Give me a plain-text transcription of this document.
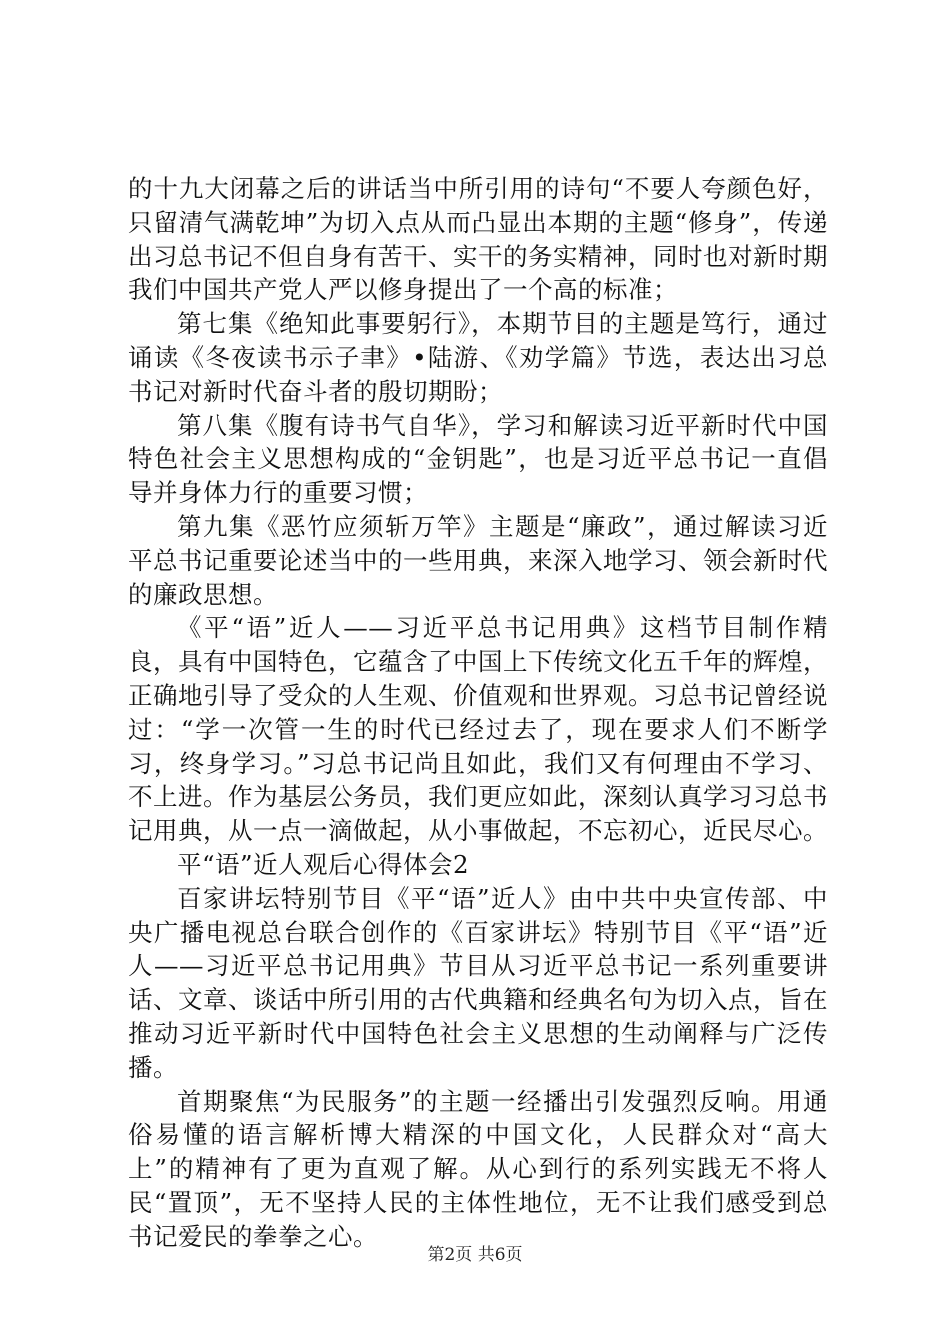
的十九大闭幕之后的讲话当中所引用的诗句“不要人夸颜色好，只留清气满乾坤”为切入点从而凸显出本期的主题“修身”，传递出习总书记不但自身有苦干、实干的务实精神，同时也对新时期我们中国共产党人严以修身提出了一个高的标准；

第七集《绝知此事要躬行》，本期节目的主题是笃行，通过诵读《冬夜读书示子聿》•陆游、《劝学篇》节选，表达出习总书记对新时代奋斗者的殷切期盼；

第八集《腹有诗书气自华》，学习和解读习近平新时代中国特色社会主义思想构成的“金钥匙”，也是习近平总书记一直倡导并身体力行的重要习惯；

第九集《恶竹应须斩万竿》主题是“廉政”，通过解读习近平总书记重要论述当中的一些用典，来深入地学习、领会新时代的廉政思想。

《平“语”近人——习近平总书记用典》这档节目制作精良，具有中国特色，它蕴含了中国上下传统文化五千年的辉煌，正确地引导了受众的人生观、价值观和世界观。习总书记曾经说过：“学一次管一生的时代已经过去了，现在要求人们不断学习，终身学习。”习总书记尚且如此，我们又有何理由不学习、不上进。作为基层公务员，我们更应如此，深刻认真学习习总书记用典，从一点一滴做起，从小事做起，不忘初心，近民尽心。

平“语”近人观后心得体会2

百家讲坛特别节目《平“语”近人》由中共中央宣传部、中央广播电视总台联合创作的《百家讲坛》特别节目《平“语”近人——习近平总书记用典》节目从习近平总书记一系列重要讲话、文章、谈话中所引用的古代典籍和经典名句为切入点，旨在推动习近平新时代中国特色社会主义思想的生动阐释与广泛传播。

首期聚焦“为民服务”的主题一经播出引发强烈反响。用通俗易懂的语言解析博大精深的中国文化，人民群众对“高大上”的精神有了更为直观了解。从心到行的系列实践无不将人民“置顶”，无不坚持人民的主体性地位，无不让我们感受到总书记爱民的拳拳之心。

第2页 共6页
